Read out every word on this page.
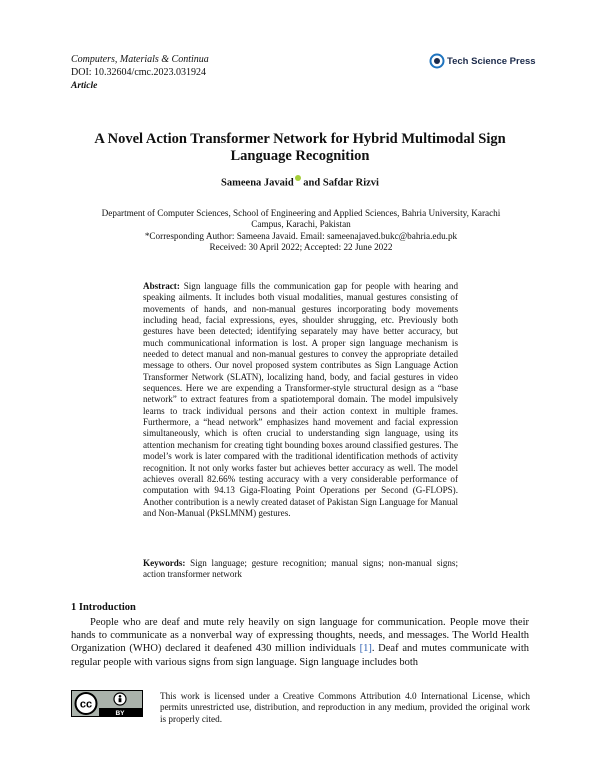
Computers, Materials & Continua
DOI: 10.32604/cmc.2023.031924
Article
Tech Science Press
A Novel Action Transformer Network for Hybrid Multimodal Sign Language Recognition
Sameena Javaid and Safdar Rizvi
Department of Computer Sciences, School of Engineering and Applied Sciences, Bahria University, Karachi Campus, Karachi, Pakistan
*Corresponding Author: Sameena Javaid. Email: sameenajaved.bukc@bahria.edu.pk
Received: 30 April 2022; Accepted: 22 June 2022
Abstract: Sign language fills the communication gap for people with hearing and speaking ailments. It includes both visual modalities, manual gestures consisting of movements of hands, and non-manual gestures incorporating body movements including head, facial expressions, eyes, shoulder shrugging, etc. Previously both gestures have been detected; identifying separately may have better accuracy, but much communicational information is lost. A proper sign language mechanism is needed to detect manual and non-manual gestures to convey the appropriate detailed message to others. Our novel proposed system contributes as Sign Language Action Transformer Network (SLATN), localizing hand, body, and facial gestures in video sequences. Here we are expending a Transformer-style structural design as a “base network” to extract features from a spatiotemporal domain. The model impulsively learns to track individual persons and their action context in multiple frames. Furthermore, a “head network” emphasizes hand movement and facial expression simultaneously, which is often crucial to understanding sign language, using its attention mechanism for creating tight bounding boxes around classified gestures. The model’s work is later compared with the traditional identification methods of activity recognition. It not only works faster but achieves better accuracy as well. The model achieves overall 82.66% testing accuracy with a very considerable performance of computation with 94.13 Giga-Floating Point Operations per Second (G-FLOPS). Another contribution is a newly created dataset of Pakistan Sign Language for Manual and Non-Manual (PkSLMNM) gestures.
Keywords: Sign language; gesture recognition; manual signs; non-manual signs; action transformer network
1 Introduction
People who are deaf and mute rely heavily on sign language for communication. People move their hands to communicate as a nonverbal way of expressing thoughts, needs, and messages. The World Health Organization (WHO) declared it deafened 430 million individuals [1]. Deaf and mutes communicate with regular people with various signs from sign language. Sign language includes both
cc
BY
This work is licensed under a Creative Commons Attribution 4.0 International License, which permits unrestricted use, distribution, and reproduction in any medium, provided the original work is properly cited.
